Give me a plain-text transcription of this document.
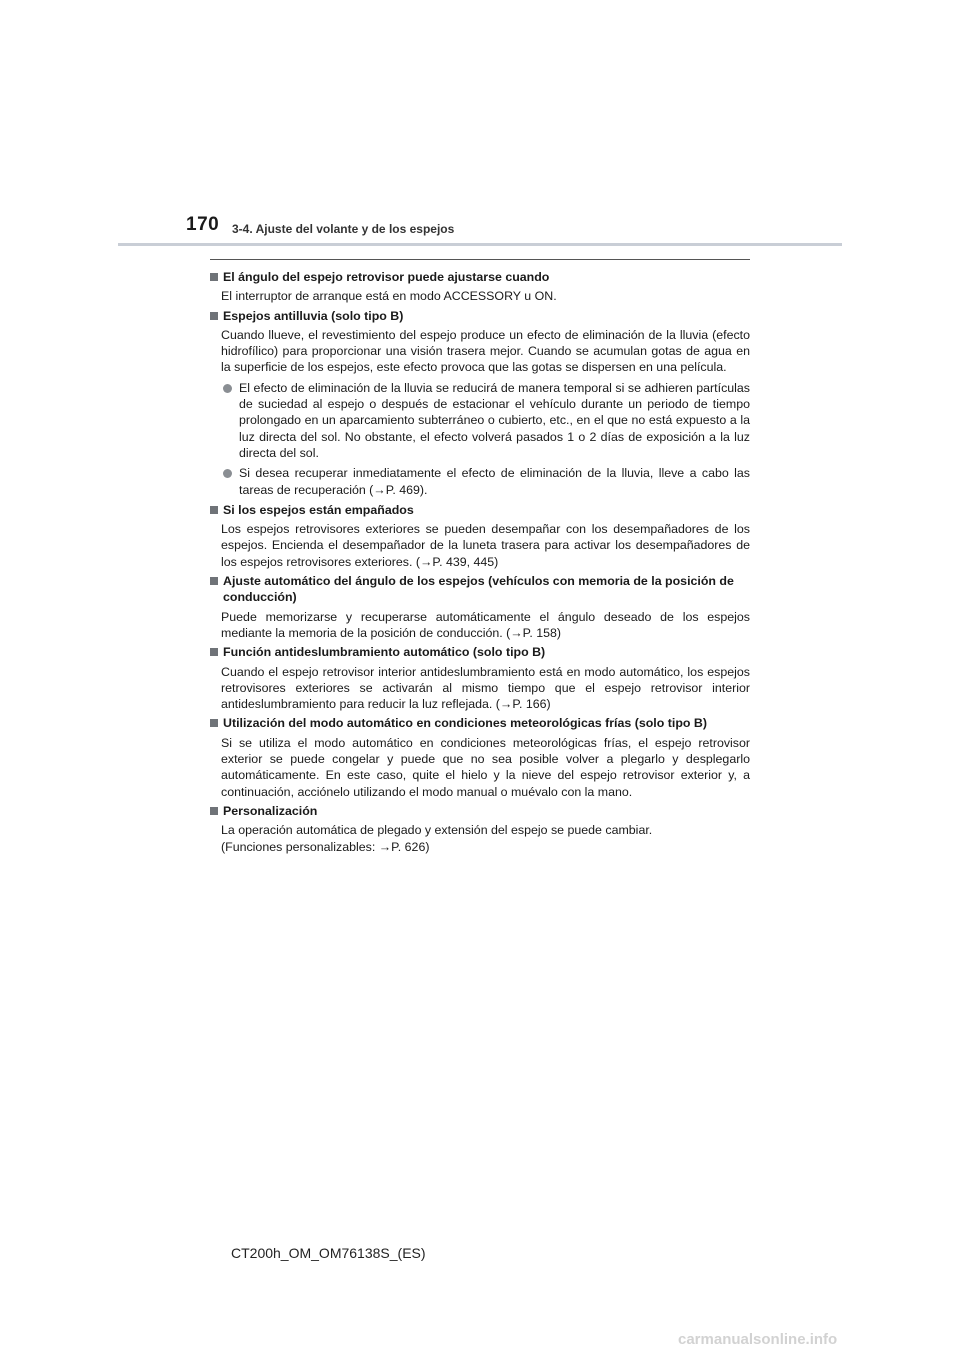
170 3-4. Ajuste del volante y de los espejos
El ángulo del espejo retrovisor puede ajustarse cuando
El interruptor de arranque está en modo ACCESSORY u ON.
Espejos antilluvia (solo tipo B)
Cuando llueve, el revestimiento del espejo produce un efecto de eliminación de la lluvia (efecto hidrofílico) para proporcionar una visión trasera mejor. Cuando se acumulan gotas de agua en la superficie de los espejos, este efecto provoca que las gotas se dispersen en una película.
El efecto de eliminación de la lluvia se reducirá de manera temporal si se adhieren partículas de suciedad al espejo o después de estacionar el vehículo durante un periodo de tiempo prolongado en un aparcamiento subterráneo o cubierto, etc., en el que no está expuesto a la luz directa del sol. No obstante, el efecto volverá pasados 1 o 2 días de exposición a la luz directa del sol.
Si desea recuperar inmediatamente el efecto de eliminación de la lluvia, lleve a cabo las tareas de recuperación (→P. 469).
Si los espejos están empañados
Los espejos retrovisores exteriores se pueden desempañar con los desempañadores de los espejos. Encienda el desempañador de la luneta trasera para activar los desempañadores de los espejos retrovisores exteriores. (→P. 439, 445)
Ajuste automático del ángulo de los espejos (vehículos con memoria de la posición de conducción)
Puede memorizarse y recuperarse automáticamente el ángulo deseado de los espejos mediante la memoria de la posición de conducción. (→P. 158)
Función antideslumbramiento automático (solo tipo B)
Cuando el espejo retrovisor interior antideslumbramiento está en modo automático, los espejos retrovisores exteriores se activarán al mismo tiempo que el espejo retrovisor interior antideslumbramiento para reducir la luz reflejada. (→P. 166)
Utilización del modo automático en condiciones meteorológicas frías (solo tipo B)
Si se utiliza el modo automático en condiciones meteorológicas frías, el espejo retrovisor exterior se puede congelar y puede que no sea posible volver a plegarlo y desplegarlo automáticamente. En este caso, quite el hielo y la nieve del espejo retrovisor exterior y, a continuación, acciónelo utilizando el modo manual o muévalo con la mano.
Personalización
La operación automática de plegado y extensión del espejo se puede cambiar.
(Funciones personalizables: →P. 626)
CT200h_OM_OM76138S_(ES)
carmanualsonline.info
